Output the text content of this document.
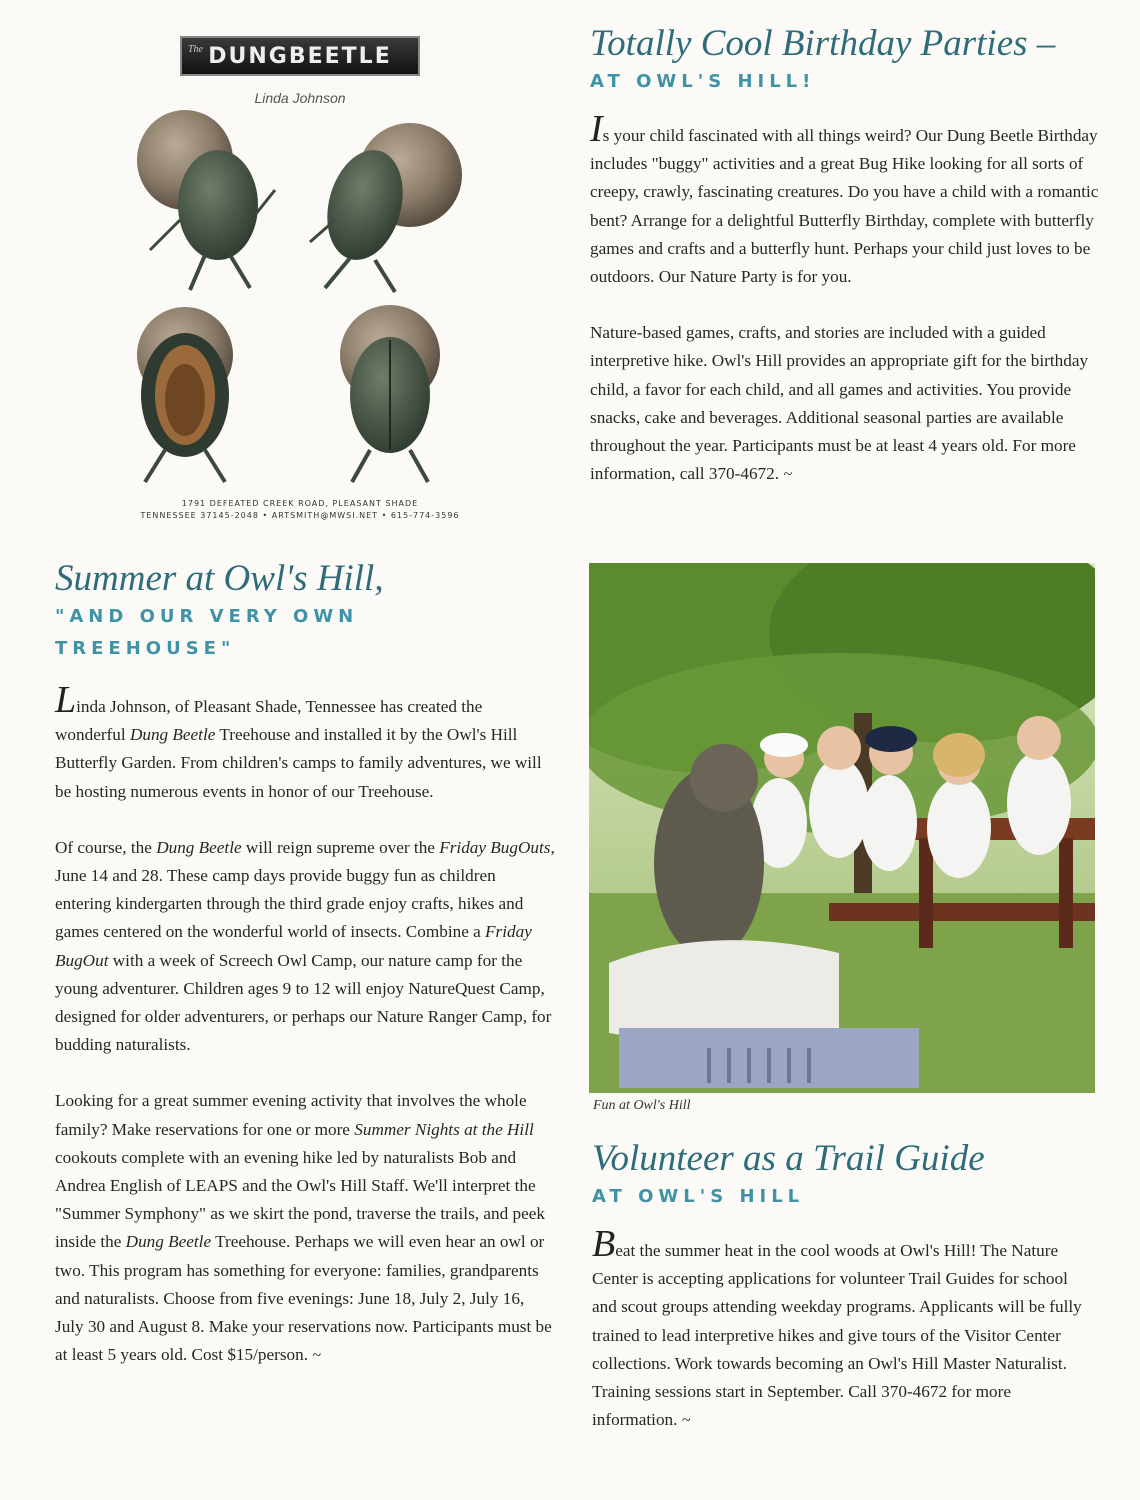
The DUNGBEETLE
Linda Johnson
1791 DEFEATED CREEK ROAD, PLEASANT SHADE
TENNESSEE 37145-2048 • ARTSMITH@MWSI.NET • 615-774-3596
Totally Cool Birthday Parties –
AT OWL'S HILL!

Is your child fascinated with all things weird? Our Dung Beetle Birthday includes "buggy" activities and a great Bug Hike looking for all sorts of creepy, crawly, fascinating creatures. Do you have a child with a romantic bent? Arrange for a delightful Butterfly Birthday, complete with butterfly games and crafts and a butterfly hunt. Perhaps your child just loves to be outdoors. Our Nature Party is for you.

Nature-based games, crafts, and stories are included with a guided interpretive hike. Owl's Hill provides an appropriate gift for the birthday child, a favor for each child, and all games and activities. You provide snacks, cake and beverages. Additional seasonal parties are available throughout the year. Participants must be at least 4 years old. For more information, call 370-4672. ~

Summer at Owl's Hill,
"AND OUR VERY OWN
TREEHOUSE"

Linda Johnson, of Pleasant Shade, Tennessee has created the wonderful Dung Beetle Treehouse and installed it by the Owl's Hill Butterfly Garden. From children's camps to family adventures, we will be hosting numerous events in honor of our Treehouse.

Of course, the Dung Beetle will reign supreme over the Friday BugOuts, June 14 and 28. These camp days provide buggy fun as children entering kindergarten through the third grade enjoy crafts, hikes and games centered on the wonderful world of insects. Combine a Friday BugOut with a week of Screech Owl Camp, our nature camp for the young adventurer. Children ages 9 to 12 will enjoy NatureQuest Camp, designed for older adventurers, or perhaps our Nature Ranger Camp, for budding naturalists.

Looking for a great summer evening activity that involves the whole family? Make reservations for one or more Summer Nights at the Hill cookouts complete with an evening hike led by naturalists Bob and Andrea English of LEAPS and the Owl's Hill Staff. We'll interpret the "Summer Symphony" as we skirt the pond, traverse the trails, and peek inside the Dung Beetle Treehouse. Perhaps we will even hear an owl or two. This program has something for everyone: families, grandparents and naturalists. Choose from five evenings: June 18, July 2, July 16, July 30 and August 8. Make your reservations now. Participants must be at least 5 years old. Cost $15/person. ~

Fun at Owl's Hill
Volunteer as a Trail Guide
AT OWL'S HILL

Beat the summer heat in the cool woods at Owl's Hill! The Nature Center is accepting applications for volunteer Trail Guides for school and scout groups attending weekday programs. Applicants will be fully trained to lead interpretive hikes and give tours of the Visitor Center collections. Work towards becoming an Owl's Hill Master Naturalist. Training sessions start in September. Call 370-4672 for more information. ~
